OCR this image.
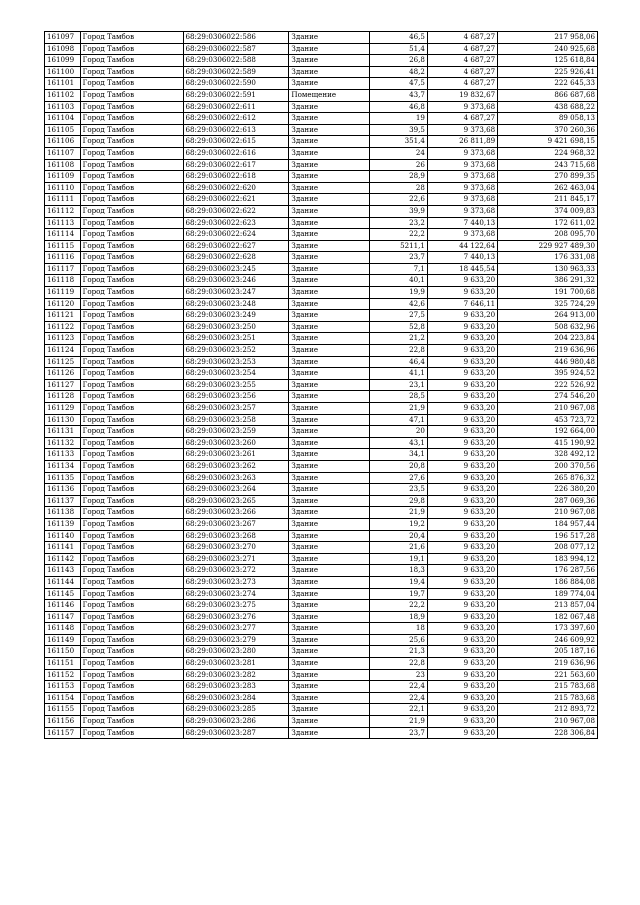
161097	Город Тамбов	68:29:0306022:586	Здание	46,5	4 687,27	217 958,06
161098	Город Тамбов	68:29:0306022:587	Здание	51,4	4 687,27	240 925,68
161099	Город Тамбов	68:29:0306022:588	Здание	26,8	4 687,27	125 618,84
161100	Город Тамбов	68:29:0306022:589	Здание	48,2	4 687,27	225 926,41
161101	Город Тамбов	68:29:0306022:590	Здание	47,5	4 687,27	222 645,33
161102	Город Тамбов	68:29:0306022:591	Помещение	43,7	19 832,67	866 687,68
161103	Город Тамбов	68:29:0306022:611	Здание	46,8	9 373,68	438 688,22
161104	Город Тамбов	68:29:0306022:612	Здание	19	4 687,27	89 058,13
161105	Город Тамбов	68:29:0306022:613	Здание	39,5	9 373,68	370 260,36
161106	Город Тамбов	68:29:0306022:615	Здание	351,4	26 811,89	9 421 698,15
161107	Город Тамбов	68:29:0306022:616	Здание	24	9 373,68	224 968,32
161108	Город Тамбов	68:29:0306022:617	Здание	26	9 373,68	243 715,68
161109	Город Тамбов	68:29:0306022:618	Здание	28,9	9 373,68	270 899,35
161110	Город Тамбов	68:29:0306022:620	Здание	28	9 373,68	262 463,04
161111	Город Тамбов	68:29:0306022:621	Здание	22,6	9 373,68	211 845,17
161112	Город Тамбов	68:29:0306022:622	Здание	39,9	9 373,68	374 009,83
161113	Город Тамбов	68:29:0306022:623	Здание	23,2	7 440,13	172 611,02
161114	Город Тамбов	68:29:0306022:624	Здание	22,2	9 373,68	208 095,70
161115	Город Тамбов	68:29:0306022:627	Здание	5211,1	44 122,64	229 927 489,30
161116	Город Тамбов	68:29:0306022:628	Здание	23,7	7 440,13	176 331,08
161117	Город Тамбов	68:29:0306023:245	Здание	7,1	18 445,54	130 963,33
161118	Город Тамбов	68:29:0306023:246	Здание	40,1	9 633,20	386 291,32
161119	Город Тамбов	68:29:0306023:247	Здание	19,9	9 633,20	191 700,68
161120	Город Тамбов	68:29:0306023:248	Здание	42,6	7 646,11	325 724,29
161121	Город Тамбов	68:29:0306023:249	Здание	27,5	9 633,20	264 913,00
161122	Город Тамбов	68:29:0306023:250	Здание	52,8	9 633,20	508 632,96
161123	Город Тамбов	68:29:0306023:251	Здание	21,2	9 633,20	204 223,84
161124	Город Тамбов	68:29:0306023:252	Здание	22,8	9 633,20	219 636,96
161125	Город Тамбов	68:29:0306023:253	Здание	46,4	9 633,20	446 980,48
161126	Город Тамбов	68:29:0306023:254	Здание	41,1	9 633,20	395 924,52
161127	Город Тамбов	68:29:0306023:255	Здание	23,1	9 633,20	222 526,92
161128	Город Тамбов	68:29:0306023:256	Здание	28,5	9 633,20	274 546,20
161129	Город Тамбов	68:29:0306023:257	Здание	21,9	9 633,20	210 967,08
161130	Город Тамбов	68:29:0306023:258	Здание	47,1	9 633,20	453 723,72
161131	Город Тамбов	68:29:0306023:259	Здание	20	9 633,20	192 664,00
161132	Город Тамбов	68:29:0306023:260	Здание	43,1	9 633,20	415 190,92
161133	Город Тамбов	68:29:0306023:261	Здание	34,1	9 633,20	328 492,12
161134	Город Тамбов	68:29:0306023:262	Здание	20,8	9 633,20	200 370,56
161135	Город Тамбов	68:29:0306023:263	Здание	27,6	9 633,20	265 876,32
161136	Город Тамбов	68:29:0306023:264	Здание	23,5	9 633,20	226 380,20
161137	Город Тамбов	68:29:0306023:265	Здание	29,8	9 633,20	287 069,36
161138	Город Тамбов	68:29:0306023:266	Здание	21,9	9 633,20	210 967,08
161139	Город Тамбов	68:29:0306023:267	Здание	19,2	9 633,20	184 957,44
161140	Город Тамбов	68:29:0306023:268	Здание	20,4	9 633,20	196 517,28
161141	Город Тамбов	68:29:0306023:270	Здание	21,6	9 633,20	208 077,12
161142	Город Тамбов	68:29:0306023:271	Здание	19,1	9 633,20	183 994,12
161143	Город Тамбов	68:29:0306023:272	Здание	18,3	9 633,20	176 287,56
161144	Город Тамбов	68:29:0306023:273	Здание	19,4	9 633,20	186 884,08
161145	Город Тамбов	68:29:0306023:274	Здание	19,7	9 633,20	189 774,04
161146	Город Тамбов	68:29:0306023:275	Здание	22,2	9 633,20	213 857,04
161147	Город Тамбов	68:29:0306023:276	Здание	18,9	9 633,20	182 067,48
161148	Город Тамбов	68:29:0306023:277	Здание	18	9 633,20	173 397,60
161149	Город Тамбов	68:29:0306023:279	Здание	25,6	9 633,20	246 609,92
161150	Город Тамбов	68:29:0306023:280	Здание	21,3	9 633,20	205 187,16
161151	Город Тамбов	68:29:0306023:281	Здание	22,8	9 633,20	219 636,96
161152	Город Тамбов	68:29:0306023:282	Здание	23	9 633,20	221 563,60
161153	Город Тамбов	68:29:0306023:283	Здание	22,4	9 633,20	215 783,68
161154	Город Тамбов	68:29:0306023:284	Здание	22,4	9 633,20	215 783,68
161155	Город Тамбов	68:29:0306023:285	Здание	22,1	9 633,20	212 893,72
161156	Город Тамбов	68:29:0306023:286	Здание	21,9	9 633,20	210 967,08
161157	Город Тамбов	68:29:0306023:287	Здание	23,7	9 633,20	228 306,84
